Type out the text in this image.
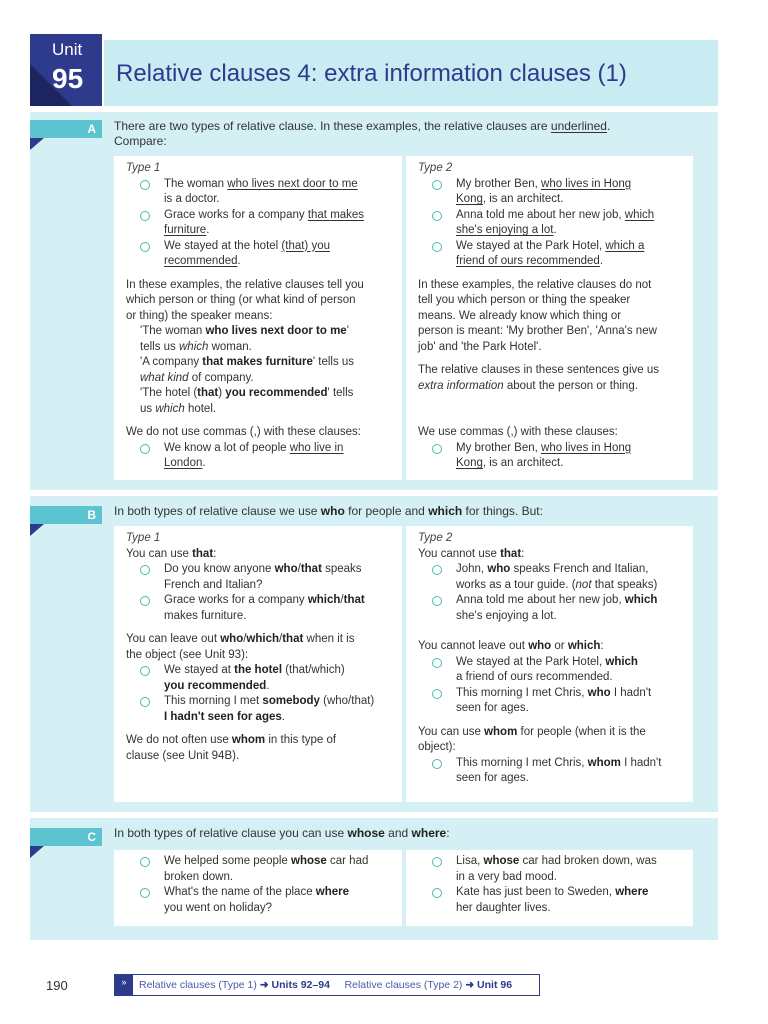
Unit
95 Relative clauses 4: extra information clauses (1)
A	There are two types of relative clause. In these examples, the relative clauses are underlined.

Compare:

Type 1

The woman who lives next door to me
is a doctor.
Grace works for a company that makes
furniture.
We stayed at the hotel (that) you
recommended.

In these examples, the relative clauses tell you

which person or thing (or what kind of person

or thing) the speaker means:

'The woman who lives next door to me'

tells us which woman.

'A company that makes furniture' tells us

what kind of company.

'The hotel (that) you recommended' tells

us which hotel.

We do not use commas (,) with these clauses:

We know a lot of people who live in
London.

Type 2

My brother Ben, who lives in Hong
Kong, is an architect.
Anna told me about her new job, which
she's enjoying a lot.
We stayed at the Park Hotel, which a
friend of ours recommended.

In these examples, the relative clauses do not

tell you which person or thing the speaker

means. We already know which thing or

person is meant: 'My brother Ben', 'Anna's new

job' and 'the Park Hotel'.

The relative clauses in these sentences give us

extra information about the person or thing.

We use commas (,) with these clauses:

My brother Ben, who lives in Hong
Kong, is an architect.
B	In both types of relative clause we use who for people and which for things. But:

Type 1

You can use that:

Do you know anyone who/that speaks
French and Italian?
Grace works for a company which/that
makes furniture.

You can leave out who/which/that when it is

the object (see Unit 93):

We stayed at the hotel (that/which)
you recommended.
This morning I met somebody (who/that)
I hadn't seen for ages.

We do not often use whom in this type of

clause (see Unit 94B).

Type 2

You cannot use that:

John, who speaks French and Italian,
works as a tour guide. (not that speaks)
Anna told me about her new job, which
she's enjoying a lot.

You cannot leave out who or which:

We stayed at the Park Hotel, which
a friend of ours recommended.
This morning I met Chris, who I hadn't
seen for ages.

You can use whom for people (when it is the

object):

This morning I met Chris, whom I hadn't
seen for ages.
C	In both types of relative clause you can use whose and where:

We helped some people whose car had
broken down.
What's the name of the place where
you went on holiday?
Lisa, whose car had broken down, was
in a very bad mood.
Kate has just been to Sweden, where
her daughter lives.
190	»	Relative clauses (Type 1) ➜ Units 92–94 Relative clauses (Type 2) ➜ Unit 96
